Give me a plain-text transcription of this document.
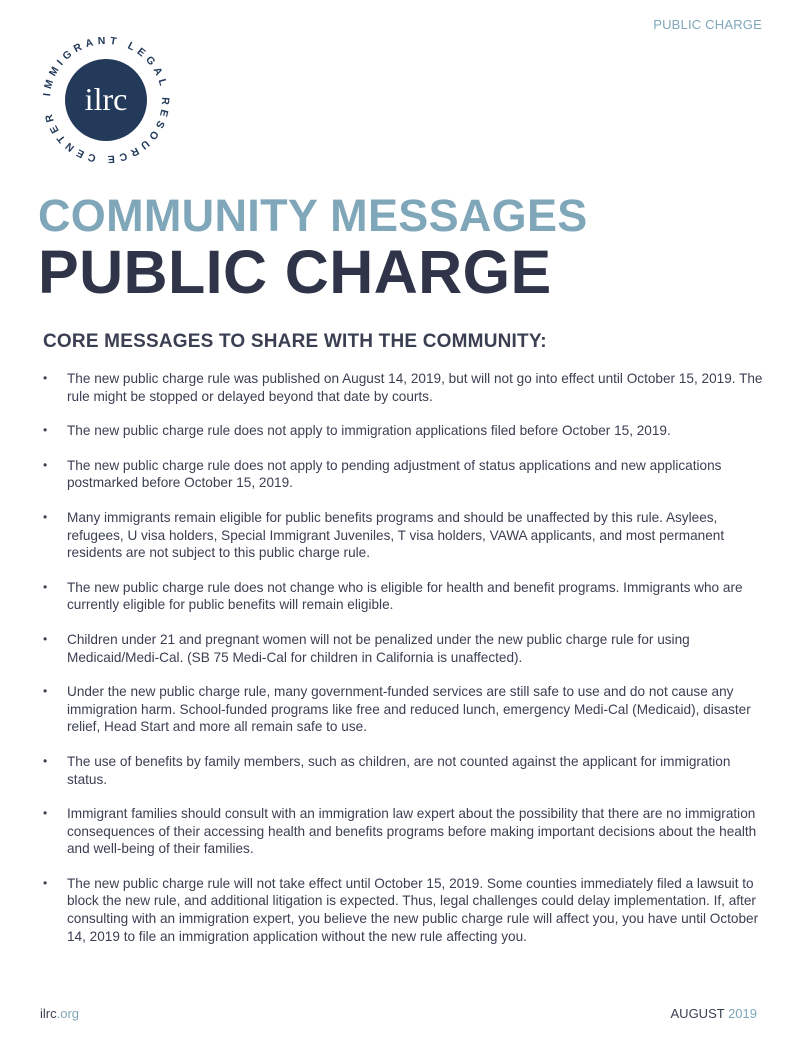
PUBLIC CHARGE
ilrc
IMMIGRANT LEGAL RESOURCE CENTER
COMMUNITY MESSAGES
PUBLIC CHARGE
CORE MESSAGES TO SHARE WITH THE COMMUNITY:
• The new public charge rule was published on August 14, 2019, but will not go into effect until October 15, 2019. The rule might be stopped or delayed beyond that date by courts.
• The new public charge rule does not apply to immigration applications filed before October 15, 2019.
• The new public charge rule does not apply to pending adjustment of status applications and new applications postmarked before October 15, 2019.
• Many immigrants remain eligible for public benefits programs and should be unaffected by this rule. Asylees, refugees, U visa holders, Special Immigrant Juveniles, T visa holders, VAWA applicants, and most permanent residents are not subject to this public charge rule.
• The new public charge rule does not change who is eligible for health and benefit programs. Immigrants who are currently eligible for public benefits will remain eligible.
• Children under 21 and pregnant women will not be penalized under the new public charge rule for using Medicaid/Medi-Cal. (SB 75 Medi-Cal for children in California is unaffected).
• Under the new public charge rule, many government-funded services are still safe to use and do not cause any immigration harm. School-funded programs like free and reduced lunch, emergency Medi-Cal (Medicaid), disaster relief, Head Start and more all remain safe to use.
• The use of benefits by family members, such as children, are not counted against the applicant for immigration status.
• Immigrant families should consult with an immigration law expert about the possibility that there are no immigration consequences of their accessing health and benefits programs before making important decisions about the health and well-being of their families.
• The new public charge rule will not take effect until October 15, 2019. Some counties immediately filed a lawsuit to block the new rule, and additional litigation is expected. Thus, legal challenges could delay implementation. If, after consulting with an immigration expert, you believe the new public charge rule will affect you, you have until October 14, 2019 to file an immigration application without the new rule affecting you.
ilrc.org	AUGUST 2019
